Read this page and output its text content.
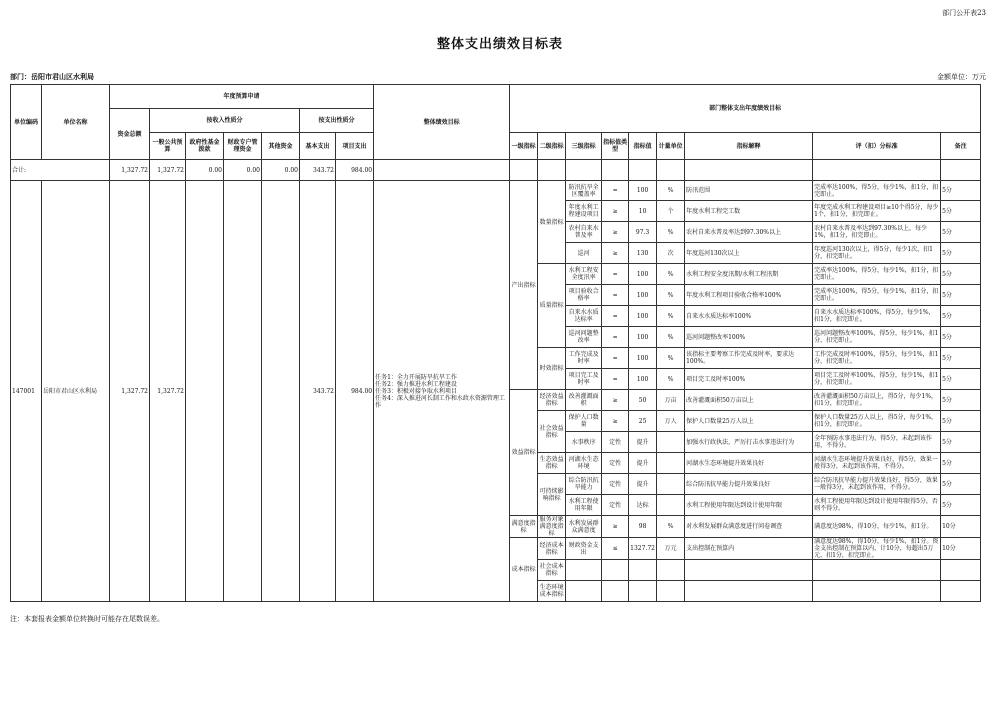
部门公开表23
整体支出绩效目标表
部门：岳阳市君山区水利局	金额单位：万元
单位编码	单位名称	年度预算申请							整体绩效目标	部门整体支出年度绩效目标								
		资金总额	按收入性质分				按支出性质分											
			一般公共预算	政府性基金拨款	财政专户管理资金	其他资金	基本支出	项目支出		一级指标	二级指标	三级指标	指标值类型	指标值	计量单位	指标解释	评（扣）分标准	备注
合计:		1,327.72	1,327.72	0.00	0.00	0.00	343.72	984.00										
147001	岳阳市君山区水利局	1,327.72	1,327.72				343.72	984.00	任务1：全力开展防旱抗旱工作
任务2：强力推进水利工程建设
任务3：积极对接争取水利项目
任务4：深入推进河长制工作和水政水资源管理工作	产出指标	数量指标	防汛抗旱全区覆盖率	=	100	%	防汛范围	完成率达100%，得5分，每少1%，扣1分，扣完即止。	5分
												年度水利工程建设项目	≥	10	个	年度水利工程完工数	年度完成水利工程建设项目≥10个得5分，每少1个，扣1分，扣完即止。	5分
												农村自来水普及率	≥	97.3	%	农村自来水普及率达到97.30%以上	农村自来水普及率达到97.30%以上，每少1%，扣1分，扣完即止。	5分
												巡河	≥	130	次	年度巡河130次以上	年度巡河130次以上，得5分，每少1次，扣1分，扣完即止。	5分
											质量指标	水利工程安全度汛率	=	100	%	水利工程安全度汛期/水利工程汛期	完成率达100%，得5分，每少1%，扣1分，扣完即止。	5分
												项目验收合格率	=	100	%	年度水利工程项目验收合格率100%	完成率达100%，得5分，每少1%，扣1分，扣完即止。	5分
												自来水水质达标率	=	100	%	自来水水质达标率100%	自来水水质达标率100%，得5分，每少1%，扣1分，扣完即止。	5分
												巡河问题整改率	=	100	%	巡河问题整改率100%	巡河问题整改率100%，得5分，每少1%，扣1分，扣完即止。	5分
											时效指标	工作完成及时率	=	100	%	该指标主要考察工作完成及时率，要求达100%。	工作完成及时率100%，得5分，每少1%，扣1分，扣完即止。	5分
												项目完工及时率	=	100	%	项目完工及时率100%	项目完工及时率100%，得5分，每少1%，扣1分，扣完即止。	5分
										效益指标	经济效益指标	改善灌溉面积	≥	50	万亩	改善灌溉面积50万亩以上	改善灌溉面积50万亩以上，得5分，每少1%，扣1分，扣完即止。	5分
											社会效益指标	保护人口数量	≥	25	万人	保护人口数量25万人以上	保护人口数量25万人以上，得5分，每少1%，扣1分，扣完即止。	5分
												水事秩序	定性	提升		加强水行政执法，严厉打击水事违法行为	全年预防水事违法行为，得5分，未起到该作用，不得分。	5分
											生态效益指标	河湖水生态环境	定性	提升		河湖水生态环境提升效果良好	河湖水生态环境提升效果良好，得5分，效果一般得3分，未起到该作用，不得分。	5分
											可持续影响指标	综合防汛抗旱能力	定性	提升		综合防汛抗旱能力提升效果良好	综合防汛抗旱能力提升效果良好，得5分，效果一般得3分，未起到该作用，不得分。	5分
												水利工程使用年限	定性	达标		水利工程使用年限达到设计使用年限	水利工程使用年限达到设计使用年限得5分，否则不得分。	5分
										满意度指标	服务对象满意度指标	水利发展群众满意度	≥	98	%	对水利发展群众满意度进行问卷调查	满意度达98%，得10分，每少1%，扣1分。	10分
										成本指标	经济成本指标	财政资金支出	≤	1327.72	万元	支出控制在预算内	满意度达98%，得10分，每少1%，扣1分。资金支出控制在预算以内，计10分，每超出5万元，扣1分，扣完即止。	10分
											社会成本指标							
											生态环境成本指标							
注：本套报表金额单位转换时可能存在尾数误差。
